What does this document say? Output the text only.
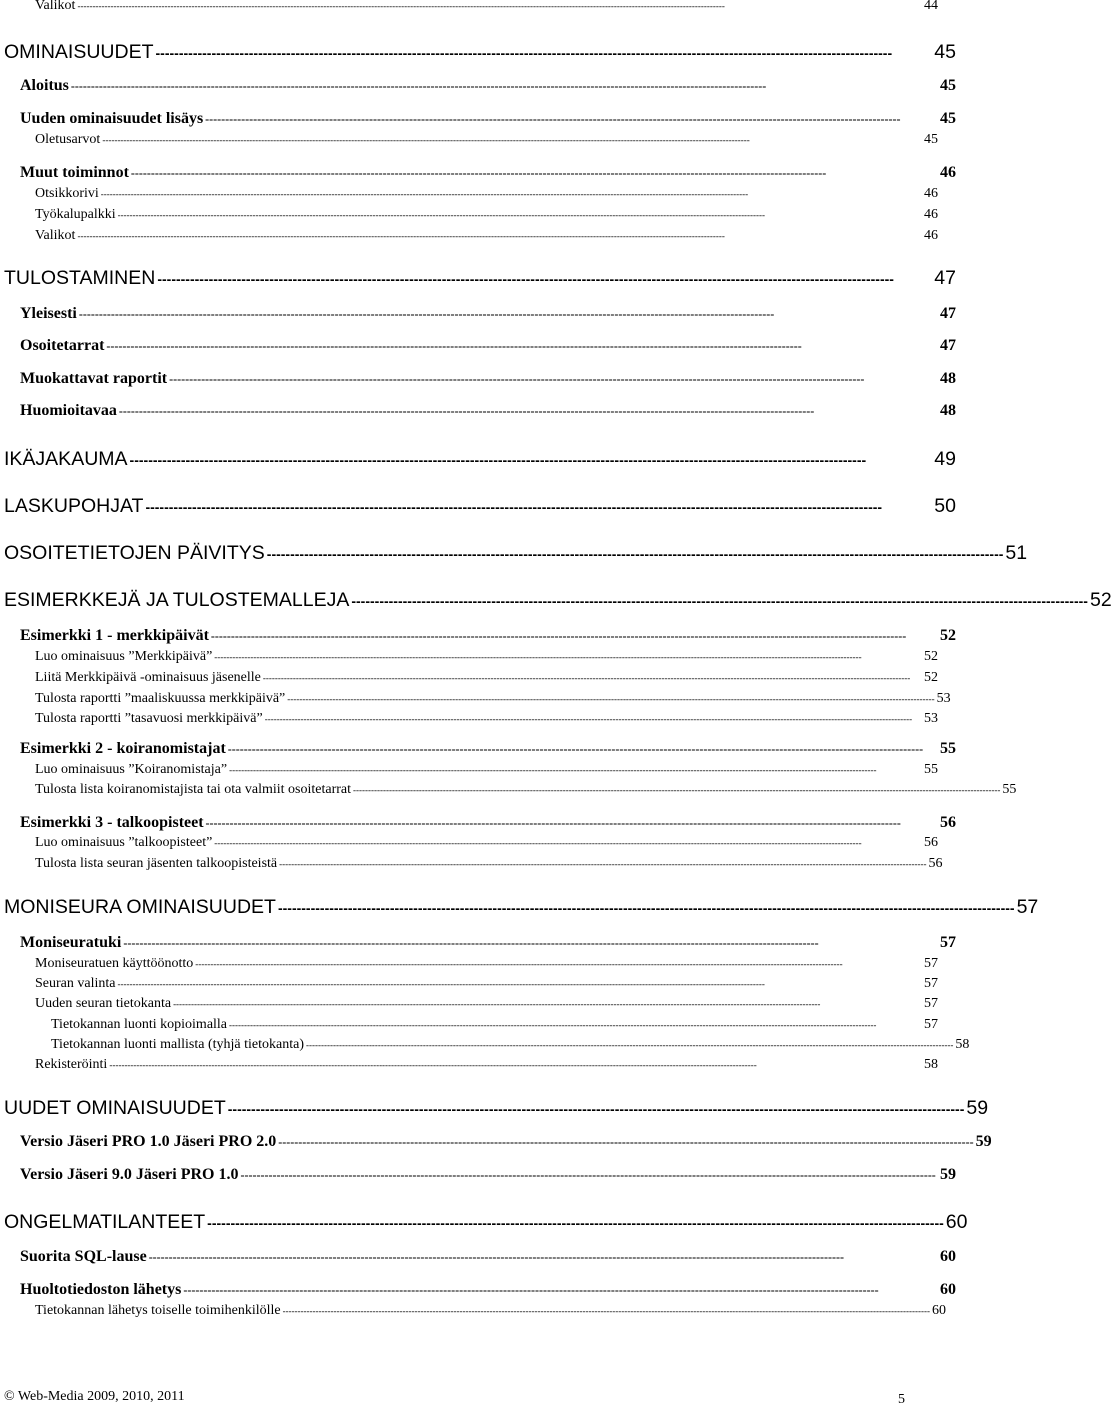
Valikot ------------------------------------------------------------------------------------------------------------------------------------------------------------------------------------------------------------------------	44
OMINAISUUDET --------------------------------------------------------------------------------------------------------------------------------------------------------------	45
Aloitus ------------------------------------------------------------------------------------------------------------------------------------------------------------------------------	45
Uuden ominaisuudet lisäys ------------------------------------------------------------------------------------------------------------------------------------------------------------------------------	45
Oletusarvot ------------------------------------------------------------------------------------------------------------------------------------------------------------------------------------------------------------------------	45
Muut toiminnot ------------------------------------------------------------------------------------------------------------------------------------------------------------------------------	46
Otsikkorivi ------------------------------------------------------------------------------------------------------------------------------------------------------------------------------------------------------------------------	46
Työkalupalkki ------------------------------------------------------------------------------------------------------------------------------------------------------------------------------------------------------------------------	46
Valikot ------------------------------------------------------------------------------------------------------------------------------------------------------------------------------------------------------------------------	46
TULOSTAMINEN --------------------------------------------------------------------------------------------------------------------------------------------------------------	47
Yleisesti ------------------------------------------------------------------------------------------------------------------------------------------------------------------------------	47
Osoitetarrat ------------------------------------------------------------------------------------------------------------------------------------------------------------------------------	47
Muokattavat raportit ------------------------------------------------------------------------------------------------------------------------------------------------------------------------------	48
Huomioitavaa ------------------------------------------------------------------------------------------------------------------------------------------------------------------------------	48
IKÄJAKAUMA --------------------------------------------------------------------------------------------------------------------------------------------------------------	49
LASKUPOHJAT --------------------------------------------------------------------------------------------------------------------------------------------------------------	50
OSOITETIETOJEN PÄIVITYS -------------------------------------------------------------------------------------------------------------------------------------------------------------- 51
ESIMERKKEJÄ JA TULOSTEMALLEJA -------------------------------------------------------------------------------------------------------------------------------------------------------------- 52
Esimerkki 1 - merkkipäivät ------------------------------------------------------------------------------------------------------------------------------------------------------------------------------	52
Luo ominaisuus ”Merkkipäivä” ------------------------------------------------------------------------------------------------------------------------------------------------------------------------------------------------------------------------	52
Liitä Merkkipäivä -ominaisuus jäsenelle ------------------------------------------------------------------------------------------------------------------------------------------------------------------------------------------------------------------------ 52
Tulosta raportti ”maaliskuussa merkkipäivä” ------------------------------------------------------------------------------------------------------------------------------------------------------------------------------------------------------------------------ 53
Tulosta raportti ”tasavuosi merkkipäivä” ------------------------------------------------------------------------------------------------------------------------------------------------------------------------------------------------------------------------ 53
Esimerkki 2 - koiranomistajat ------------------------------------------------------------------------------------------------------------------------------------------------------------------------------	55
Luo ominaisuus ”Koiranomistaja” ------------------------------------------------------------------------------------------------------------------------------------------------------------------------------------------------------------------------	55
Tulosta lista koiranomistajista tai ota valmiit osoitetarrat ------------------------------------------------------------------------------------------------------------------------------------------------------------------------------------------------------------------------ 55
Esimerkki 3 - talkoopisteet ------------------------------------------------------------------------------------------------------------------------------------------------------------------------------	56
Luo ominaisuus ”talkoopisteet” ------------------------------------------------------------------------------------------------------------------------------------------------------------------------------------------------------------------------	56
Tulosta lista seuran jäsenten talkoopisteistä ------------------------------------------------------------------------------------------------------------------------------------------------------------------------------------------------------------------------ 56
MONISEURA OMINAISUUDET -------------------------------------------------------------------------------------------------------------------------------------------------------------- 57
Moniseuratuki ------------------------------------------------------------------------------------------------------------------------------------------------------------------------------	57
Moniseuratuen käyttöönotto ------------------------------------------------------------------------------------------------------------------------------------------------------------------------------------------------------------------------	57
Seuran valinta ------------------------------------------------------------------------------------------------------------------------------------------------------------------------------------------------------------------------	57
Uuden seuran tietokanta ------------------------------------------------------------------------------------------------------------------------------------------------------------------------------------------------------------------------	57
Tietokannan luonti kopioimalla ------------------------------------------------------------------------------------------------------------------------------------------------------------------------------------------------------------------------	57
Tietokannan luonti mallista (tyhjä tietokanta) ------------------------------------------------------------------------------------------------------------------------------------------------------------------------------------------------------------------------ 58
Rekisteröinti ------------------------------------------------------------------------------------------------------------------------------------------------------------------------------------------------------------------------	58
UUDET OMINAISUUDET -------------------------------------------------------------------------------------------------------------------------------------------------------------- 59
Versio Jäseri PRO 1.0 Jäseri PRO 2.0 ------------------------------------------------------------------------------------------------------------------------------------------------------------------------------ 59
Versio Jäseri 9.0 Jäseri PRO 1.0 ------------------------------------------------------------------------------------------------------------------------------------------------------------------------------ 59
ONGELMATILANTEET -------------------------------------------------------------------------------------------------------------------------------------------------------------- 60
Suorita SQL-lause ------------------------------------------------------------------------------------------------------------------------------------------------------------------------------	60
Huoltotiedoston lähetys ------------------------------------------------------------------------------------------------------------------------------------------------------------------------------	60
Tietokannan lähetys toiselle toimihenkilölle ------------------------------------------------------------------------------------------------------------------------------------------------------------------------------------------------------------------------ 60
© Web-Media 2009, 2010, 2011	5
